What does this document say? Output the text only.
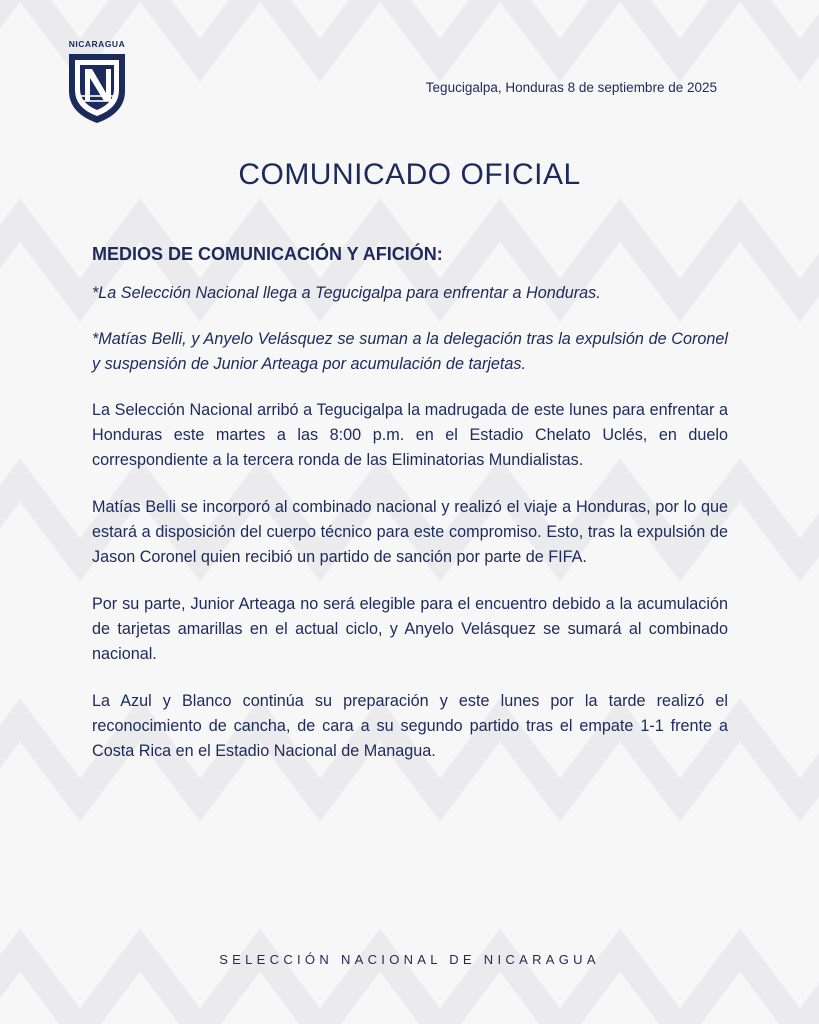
NICARAGUA
Tegucigalpa, Honduras 8 de septiembre de 2025
COMUNICADO OFICIAL
MEDIOS DE COMUNICACIÓN Y AFICIÓN:

*La Selección Nacional llega a Tegucigalpa para enfrentar a Honduras.

*Matías Belli, y Anyelo Velásquez se suman a la delegación tras la expulsión de Coronel y suspensión de Junior Arteaga por acumulación de tarjetas.

La Selección Nacional arribó a Tegucigalpa la madrugada de este lunes para enfrentar a Honduras este martes a las 8:00 p.m. en el Estadio Chelato Uclés, en duelo correspondiente a la tercera ronda de las Eliminatorias Mundialistas.

Matías Belli se incorporó al combinado nacional y realizó el viaje a Honduras, por lo que estará a disposición del cuerpo técnico para este compromiso. Esto, tras la expulsión de Jason Coronel quien recibió un partido de sanción por parte de FIFA.

Por su parte, Junior Arteaga no será elegible para el encuentro debido a la acumulación de tarjetas amarillas en el actual ciclo, y Anyelo Velásquez se sumará al combinado nacional.

La Azul y Blanco continúa su preparación y este lunes por la tarde realizó el reconocimiento de cancha, de cara a su segundo partido tras el empate 1-1 frente a Costa Rica en el Estadio Nacional de Managua.

SELECCIÓN NACIONAL DE NICARAGUA
